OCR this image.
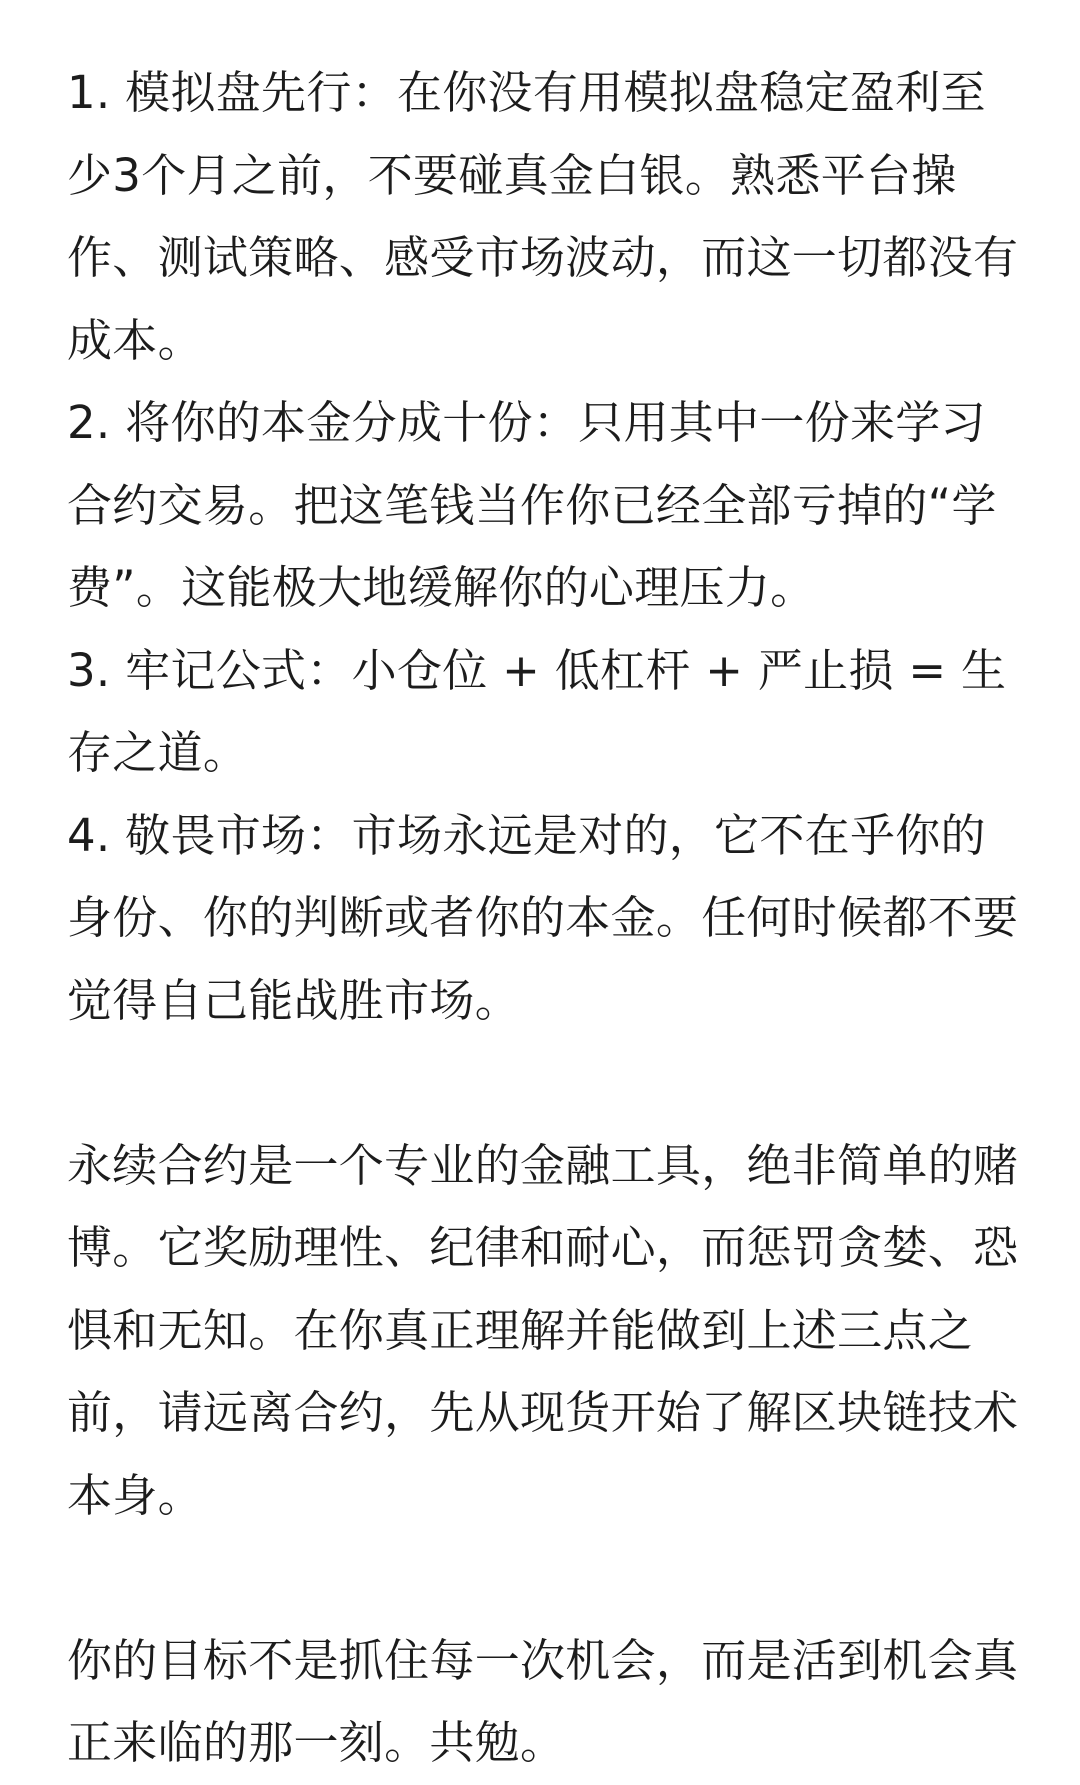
1. 模拟盘先行：在你没有用模拟盘稳定盈利至少3个月之前，不要碰真金白银。熟悉平台操作、测试策略、感受市场波动，而这一切都没有成本。

2. 将你的本金分成十份：只用其中一份来学习合约交易。把这笔钱当作你已经全部亏掉的“学费”。这能极大地缓解你的心理压力。

3. 牢记公式：小仓位 + 低杠杆 + 严止损 = 生存之道。

4. 敬畏市场：市场永远是对的，它不在乎你的身份、你的判断或者你的本金。任何时候都不要觉得自己能战胜市场。

永续合约是一个专业的金融工具，绝非简单的赌博。它奖励理性、纪律和耐心，而惩罚贪婪、恐惧和无知。在你真正理解并能做到上述三点之前，请远离合约，先从现货开始了解区块链技术本身。

你的目标不是抓住每一次机会，而是活到机会真正来临的那一刻。共勉。
